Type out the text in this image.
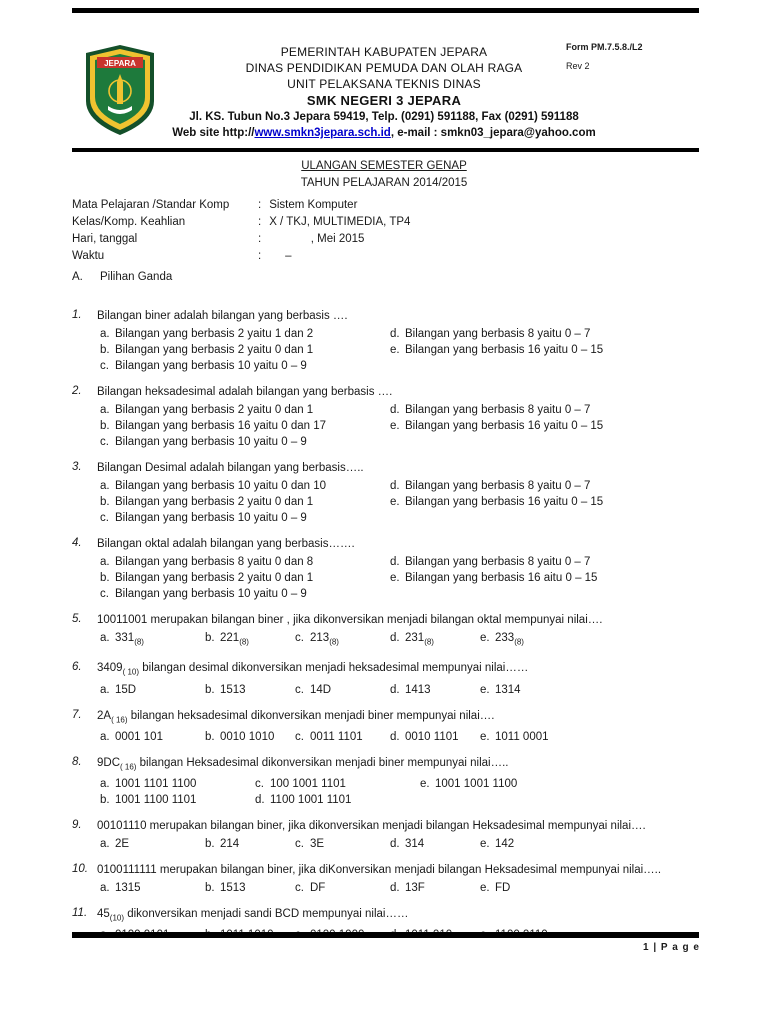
Form PM.7.5.8./L2
Rev 2
JEPARA
PEMERINTAH KABUPATEN JEPARA
DINAS PENDIDIKAN PEMUDA DAN OLAH RAGA
UNIT PELAKSANA TEKNIS DINAS
SMK NEGERI 3 JEPARA
Jl. KS. Tubun No.3 Jepara 59419, Telp. (0291) 591188, Fax (0291) 591188
Web site http://www.smkn3jepara.sch.id, e-mail : smkn03_jepara@yahoo.com
ULANGAN SEMESTER GENAP
TAHUN PELAJARAN 2014/2015
Mata Pelajaran /Standar Komp	: Sistem Komputer
Kelas/Komp. Keahlian	: X / TKJ, MULTIMEDIA, TP4
Hari, tanggal	: , Mei 2015
Waktu	: –
A.	Pilihan Ganda
1.	Bilangan biner adalah bilangan yang berbasis ….
a. Bilangan yang berbasis 2 yaitu 1 dan 2
b. Bilangan yang berbasis 2 yaitu 0 dan 1
c. Bilangan yang berbasis 10 yaitu 0 – 9
d. Bilangan yang berbasis 8 yaitu 0 – 7
e. Bilangan yang berbasis 16 yaitu 0 – 15
2.	Bilangan heksadesimal adalah bilangan yang berbasis ….
a. Bilangan yang berbasis 2 yaitu 0 dan 1
b. Bilangan yang berbasis 16 yaitu 0 dan 17
c. Bilangan yang berbasis 10 yaitu 0 – 9
d. Bilangan yang berbasis 8 yaitu 0 – 7
e. Bilangan yang berbasis 16 yaitu 0 – 15
3.	Bilangan Desimal adalah bilangan yang berbasis…..
a. Bilangan yang berbasis 10 yaitu 0 dan 10
b. Bilangan yang berbasis 2 yaitu 0 dan 1
c. Bilangan yang berbasis 10 yaitu 0 – 9
d. Bilangan yang berbasis 8 yaitu 0 – 7
e. Bilangan yang berbasis 16 yaitu 0 – 15
4.	Bilangan oktal adalah bilangan yang berbasis…….
a. Bilangan yang berbasis 8 yaitu 0 dan 8
b. Bilangan yang berbasis 2 yaitu 0 dan 1
c. Bilangan yang berbasis 10 yaitu 0 – 9
d. Bilangan yang berbasis 8 yaitu 0 – 7
e. Bilangan yang berbasis 16 aitu 0 – 15
5.	10011001 merupakan bilangan biner , jika dikonversikan menjadi bilangan oktal mempunyai nilai….
a. $331_{(8)}$	b. $221_{(8)}$	c. $213_{(8)}$	d. $231_{(8)}$	e. $233_{(8)}$
6.	$3409_{( 10)}$ bilangan desimal dikonversikan menjadi heksadesimal mempunyai nilai……
a. 15D	b. 1513	c. 14D	d. 1413	e. 1314
7.	$2A_{( 16)}$ bilangan heksadesimal dikonversikan menjadi biner mempunyai nilai….
a. 0001 101	b. 0010 1010	c. 0011 1101	d. 0010 1101	e. 1011 0001
8.	$9DC_{( 16)}$ bilangan Heksadesimal dikonversikan menjadi biner mempunyai nilai…..
a. 1001 1101 1100
b. 1001 1100 1101
c. 100 1001 1101
d. 1100 1001 1101
e. 1001 1001 1100
9.	00101110 merupakan bilangan biner, jika dikonversikan menjadi bilangan Heksadesimal mempunyai nilai….
a. 2E	b. 214	c. 3E	d. 314	e. 142
10. 0100111111 merupakan bilangan biner, jika diKonversikan menjadi bilangan Heksadesimal mempunyai nilai…..
a. 1315	b. 1513	c. DF	d. 13F	e. FD
11. $45_{(10)}$ dikonversikan menjadi sandi BCD mempunyai nilai……
1 | P a g e
